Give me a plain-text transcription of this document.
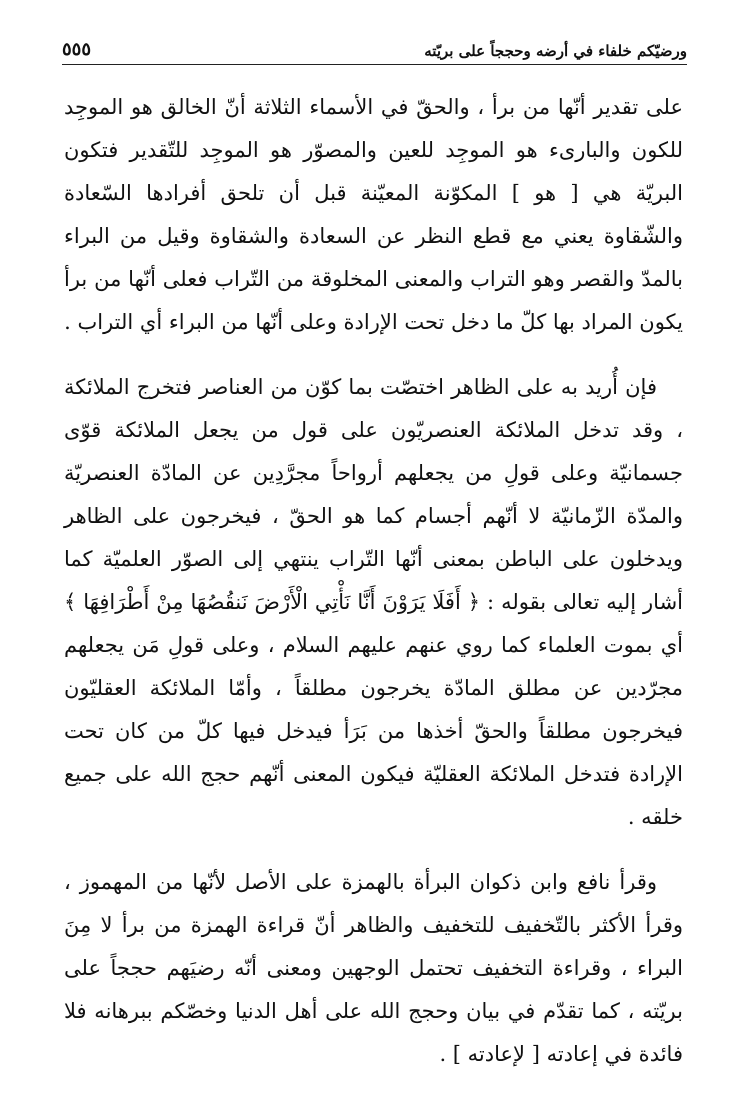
ورضيّكم خلفاء في أرضه وحججاً على بريّته
٥٥٥

على تقدير أنّها من برأ ، والحقّ في الأسماء الثلاثة أنّ الخالق هو الموجِد للكون والبارىء هو الموجِد للعين والمصوّر هو الموجِد للتّقدير فتكون البريّة هي [ هو ] المكوّنة المعيّنة قبل أن تلحق أفرادها السّعادة والشّقاوة يعني مع قطع النظر عن السعادة والشقاوة وقيل من البراء بالمدّ والقصر وهو التراب والمعنى المخلوقة من التّراب فعلى أنّها من برأ يكون المراد بها كلّ ما دخل تحت الإرادة وعلى أنّها من البراء أي التراب .

فإن أُريد به على الظاهر اختصّت بما كوّن من العناصر فتخرج الملائكة ، وقد تدخل الملائكة العنصريّون على قول من يجعل الملائكة قوّى جسمانيّة وعلى قولِ من يجعلهم أرواحاً مجرَّدِين عن المادّة العنصريّة والمدّة الزّمانيّة لا أنّهم أجسام كما هو الحقّ ، فيخرجون على الظاهر ويدخلون على الباطن بمعنى أنّها التّراب ينتهي إلى الصوّر العلميّة كما أشار إليه تعالى بقوله : ﴿ أَفَلَا يَرَوْنَ أَنَّا نَأْتِي الْأَرْضَ نَنقُصُهَا مِنْ أَطْرَافِهَا ﴾ أي بموت العلماء كما روي عنهم عليهم السلام ، وعلى قولِ مَن يجعلهم مجرّدين عن مطلق المادّة يخرجون مطلقاً ، وأمّا الملائكة العقليّون فيخرجون مطلقاً والحقّ أخذها من بَرَأ فيدخل فيها كلّ من كان تحت الإرادة فتدخل الملائكة العقليّة فيكون المعنى أنّهم حجج الله على جميع خلقه .

وقرأ نافع وابن ذكوان البرأة بالهمزة على الأصل لأنّها من المهموز ، وقرأ الأكثر بالتّخفيف للتخفيف والظاهر أنّ قراءة الهمزة من برأ لا مِنَ البراء ، وقراءة التخفيف تحتمل الوجهين ومعنى أنّه رضيَهم حججاً على بريّته ، كما تقدّم في بيان وحجج الله على أهل الدنيا وخصّكم ببرهانه فلا فائدة في إعادته [ لإعادته ] .
